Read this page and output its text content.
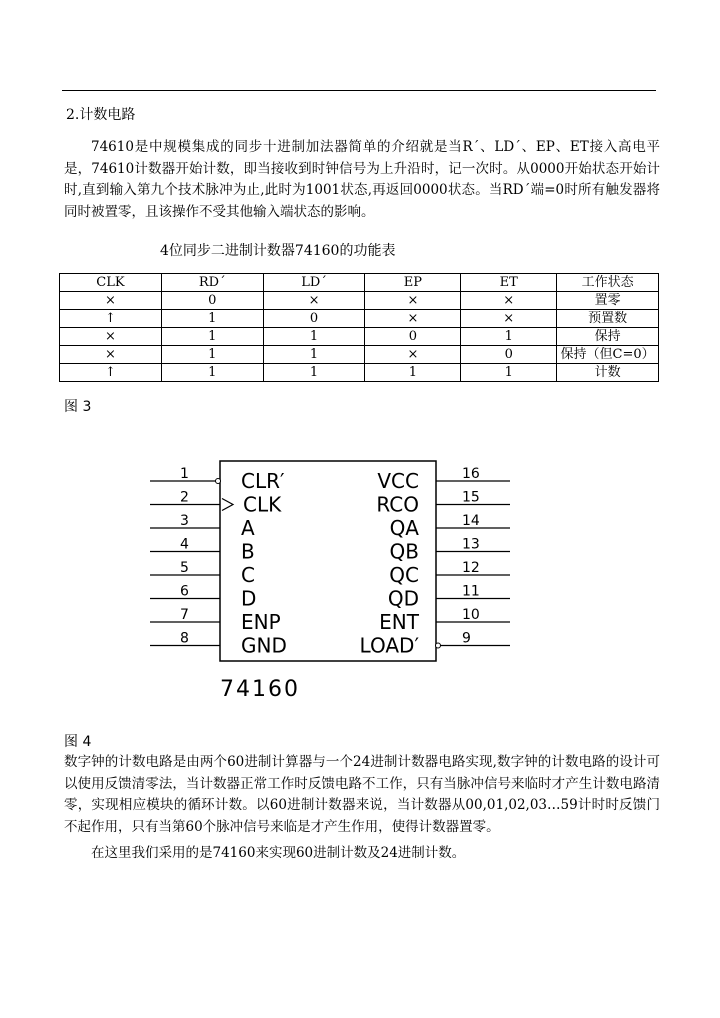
2.计数电路
74610是中规模集成的同步十进制加法器简单的介绍就是当R´、LD´、EP、ET接入高电平是，74610计数器开始计数，即当接收到时钟信号为上升沿时，记一次时。从0000开始状态开始计时,直到输入第九个技术脉冲为止,此时为1001状态,再返回0000状态。当RD´端=0时所有触发器将同时被置零，且该操作不受其他输入端状态的影响。
4位同步二进制计数器74160的功能表
CLK	RD´	LD´	EP	ET	工作状态
×	0	×	×	×	置零
↑	1	0	×	×	预置数
×	1	1	0	1	保持
×	1	1	×	0	保持（但C=0）
↑	1	1	1	1	计数
图 3
1	CLR′
2	CLK
3	A
4	B
5	C
6	D
7	ENP
8	GND
16
VCC
15
RCO
14
QA
13
QB
12
QC
11
QD
10
ENT
9
LOAD′
74160
图 4
数字钟的计数电路是由两个60进制计算器与一个24进制计数器电路实现,数字钟的计数电路的设计可以使用反馈清零法，当计数器正常工作时反馈电路不工作，只有当脉冲信号来临时才产生计数电路清零，实现相应模块的循环计数。以60进制计数器来说，当计数器从00,01,02,03…59计时时反馈门不起作用，只有当第60个脉冲信号来临是才产生作用，使得计数器置零。
在这里我们采用的是74160来实现60进制计数及24进制计数。
